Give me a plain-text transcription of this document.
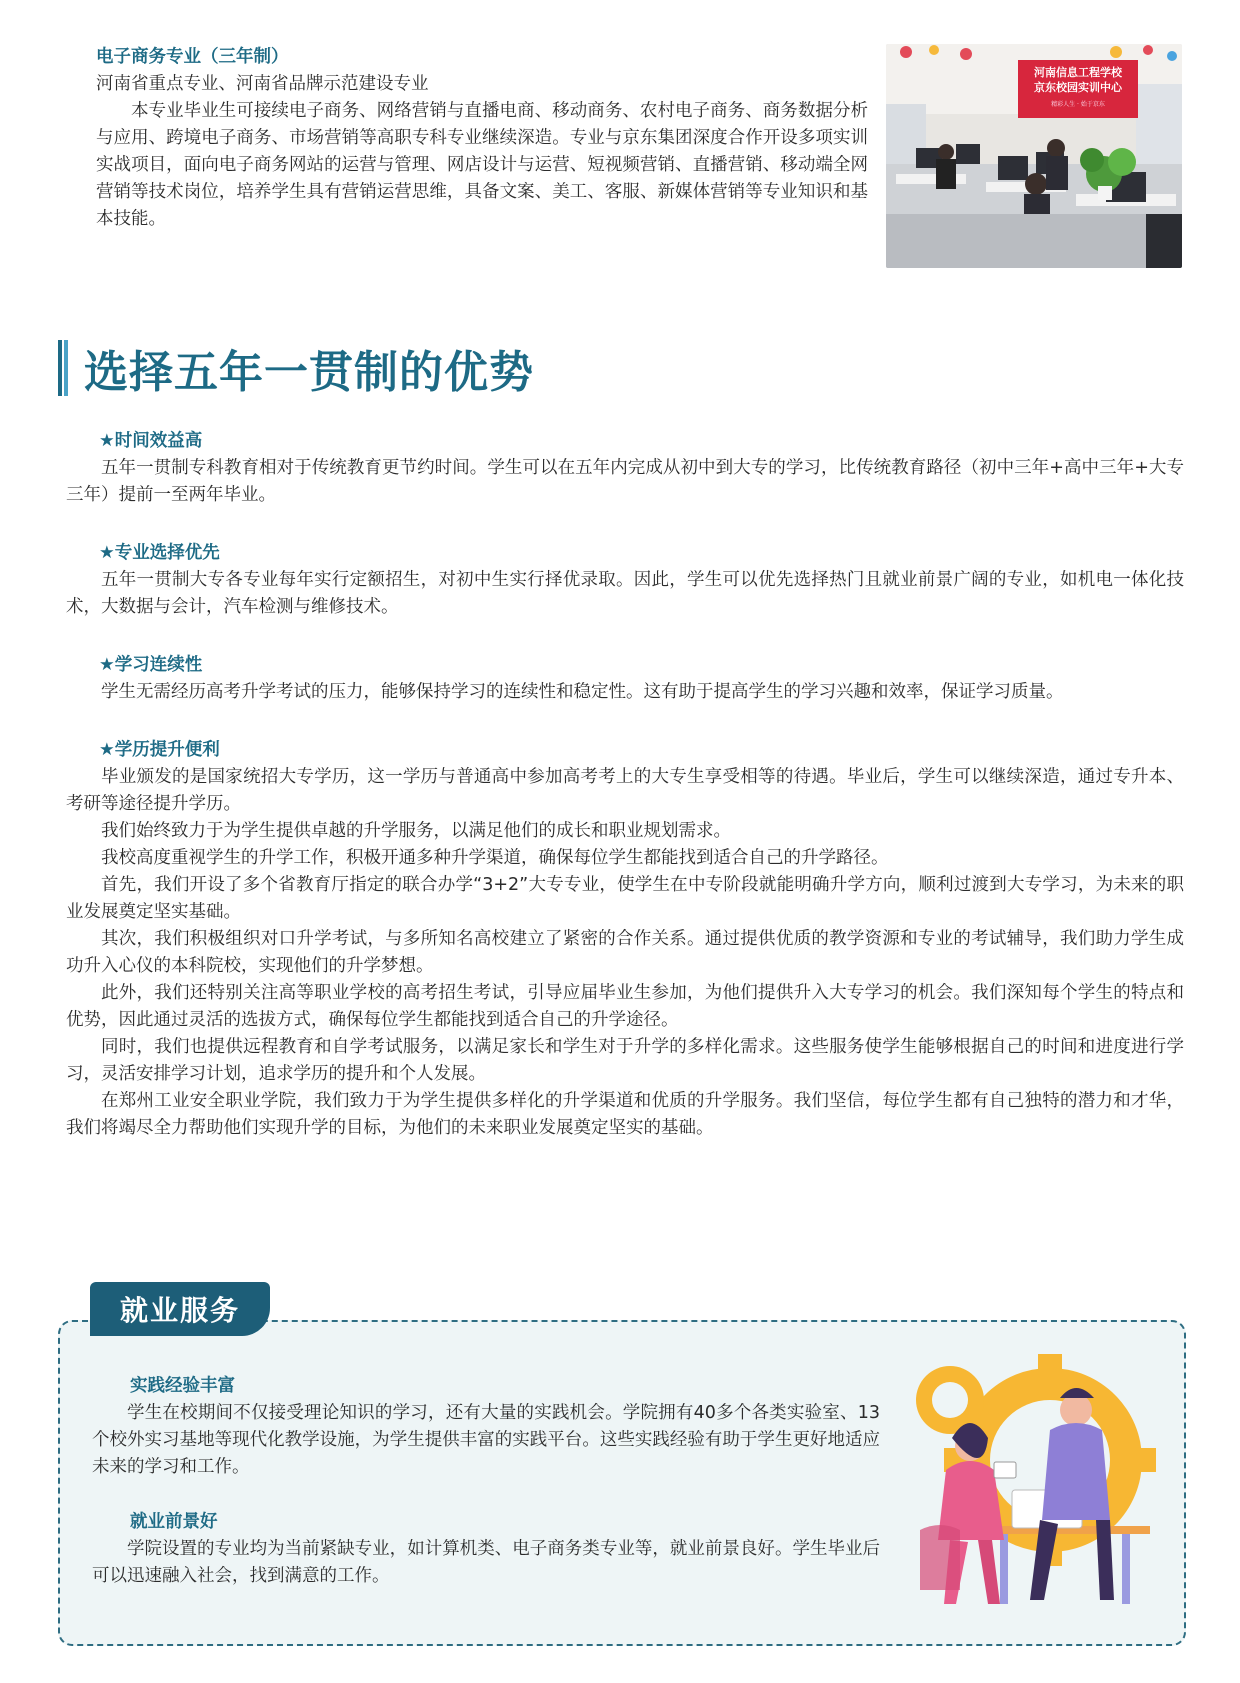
电子商务专业（三年制）

河南省重点专业、河南省品牌示范建设专业

本专业毕业生可接续电子商务、网络营销与直播电商、移动商务、农村电子商务、商务数据分析与应用、跨境电子商务、市场营销等高职专科专业继续深造。专业与京东集团深度合作开设多项实训实战项目，面向电子商务网站的运营与管理、网店设计与运营、短视频营销、直播营销、移动端全网营销等技术岗位，培养学生具有营销运营思维，具备文案、美工、客服、新媒体营销等专业知识和基本技能。

河南信息工程学校
京东校园实训中心
精彩人生 · 始于京东
选择五年一贯制的优势
★时间效益高

五年一贯制专科教育相对于传统教育更节约时间。学生可以在五年内完成从初中到大专的学习，比传统教育路径（初中三年+高中三年+大专三年）提前一至两年毕业。

★专业选择优先

五年一贯制大专各专业每年实行定额招生，对初中生实行择优录取。因此，学生可以优先选择热门且就业前景广阔的专业，如机电一体化技术，大数据与会计，汽车检测与维修技术。

★学习连续性

学生无需经历高考升学考试的压力，能够保持学习的连续性和稳定性。这有助于提高学生的学习兴趣和效率，保证学习质量。

★学历提升便利

毕业颁发的是国家统招大专学历，这一学历与普通高中参加高考考上的大专生享受相等的待遇。毕业后，学生可以继续深造，通过专升本、考研等途径提升学历。

我们始终致力于为学生提供卓越的升学服务，以满足他们的成长和职业规划需求。

我校高度重视学生的升学工作，积极开通多种升学渠道，确保每位学生都能找到适合自己的升学路径。

首先，我们开设了多个省教育厅指定的联合办学“3+2”大专专业，使学生在中专阶段就能明确升学方向，顺利过渡到大专学习，为未来的职业发展奠定坚实基础。

其次，我们积极组织对口升学考试，与多所知名高校建立了紧密的合作关系。通过提供优质的教学资源和专业的考试辅导，我们助力学生成功升入心仪的本科院校，实现他们的升学梦想。

此外，我们还特别关注高等职业学校的高考招生考试，引导应届毕业生参加，为他们提供升入大专学习的机会。我们深知每个学生的特点和优势，因此通过灵活的选拔方式，确保每位学生都能找到适合自己的升学途径。

同时，我们也提供远程教育和自学考试服务，以满足家长和学生对于升学的多样化需求。这些服务使学生能够根据自己的时间和进度进行学习，灵活安排学习计划，追求学历的提升和个人发展。

在郑州工业安全职业学院，我们致力于为学生提供多样化的升学渠道和优质的升学服务。我们坚信，每位学生都有自己独特的潜力和才华，我们将竭尽全力帮助他们实现升学的目标，为他们的未来职业发展奠定坚实的基础。

就业服务

实践经验丰富

学生在校期间不仅接受理论知识的学习，还有大量的实践机会。学院拥有40多个各类实验室、13个校外实习基地等现代化教学设施，为学生提供丰富的实践平台。这些实践经验有助于学生更好地适应未来的学习和工作。

就业前景好

学院设置的专业均为当前紧缺专业，如计算机类、电子商务类专业等，就业前景良好。学生毕业后可以迅速融入社会，找到满意的工作。
